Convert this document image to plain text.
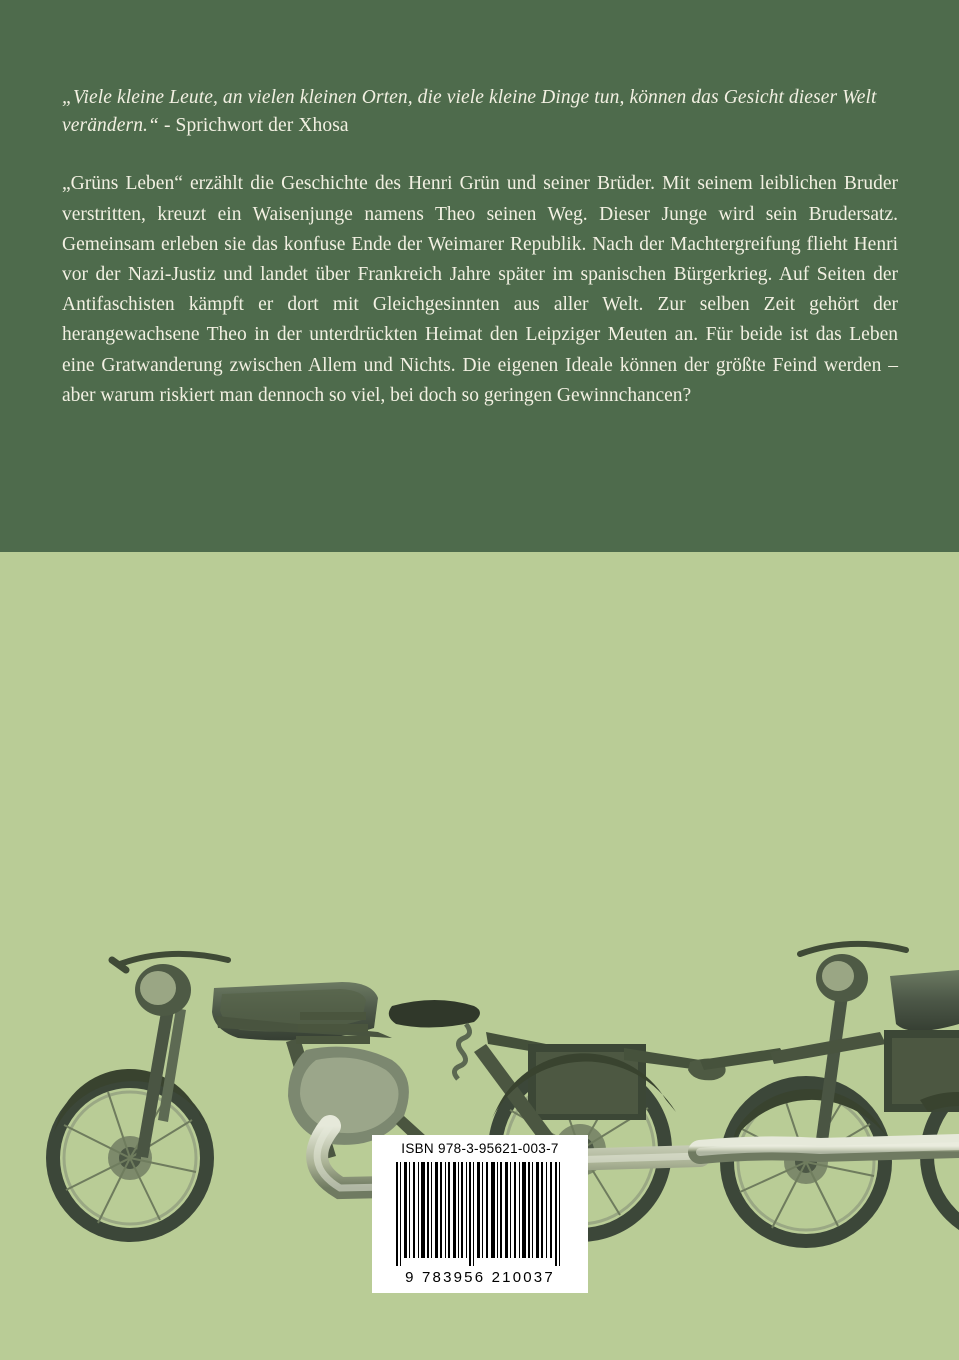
„Viele kleine Leute, an vielen kleinen Orten, die viele kleine Dinge tun, können das Gesicht dieser Welt verändern.“ - Sprichwort der Xhosa

„Grüns Leben“ erzählt die Geschichte des Henri Grün und seiner Brüder. Mit seinem leiblichen Bruder verstritten, kreuzt ein Waisenjunge namens Theo seinen Weg. Dieser Junge wird sein Brudersatz. Gemeinsam erleben sie das konfuse Ende der Weimarer Republik. Nach der Machtergreifung flieht Henri vor der Nazi-Justiz und landet über Frankreich Jahre später im spanischen Bürgerkrieg. Auf Seiten der Antifaschisten kämpft er dort mit Gleichgesinnten aus aller Welt. Zur selben Zeit gehört der herangewachsene Theo in der unterdrückten Heimat den Leipziger Meuten an. Für beide ist das Leben eine Gratwanderung zwischen Allem und Nichts. Die eigenen Ideale können der größte Feind werden – aber warum riskiert man dennoch so viel, bei doch so geringen Gewinnchancen?

ISBN 978-3-95621-003-7
9 783956 210037
